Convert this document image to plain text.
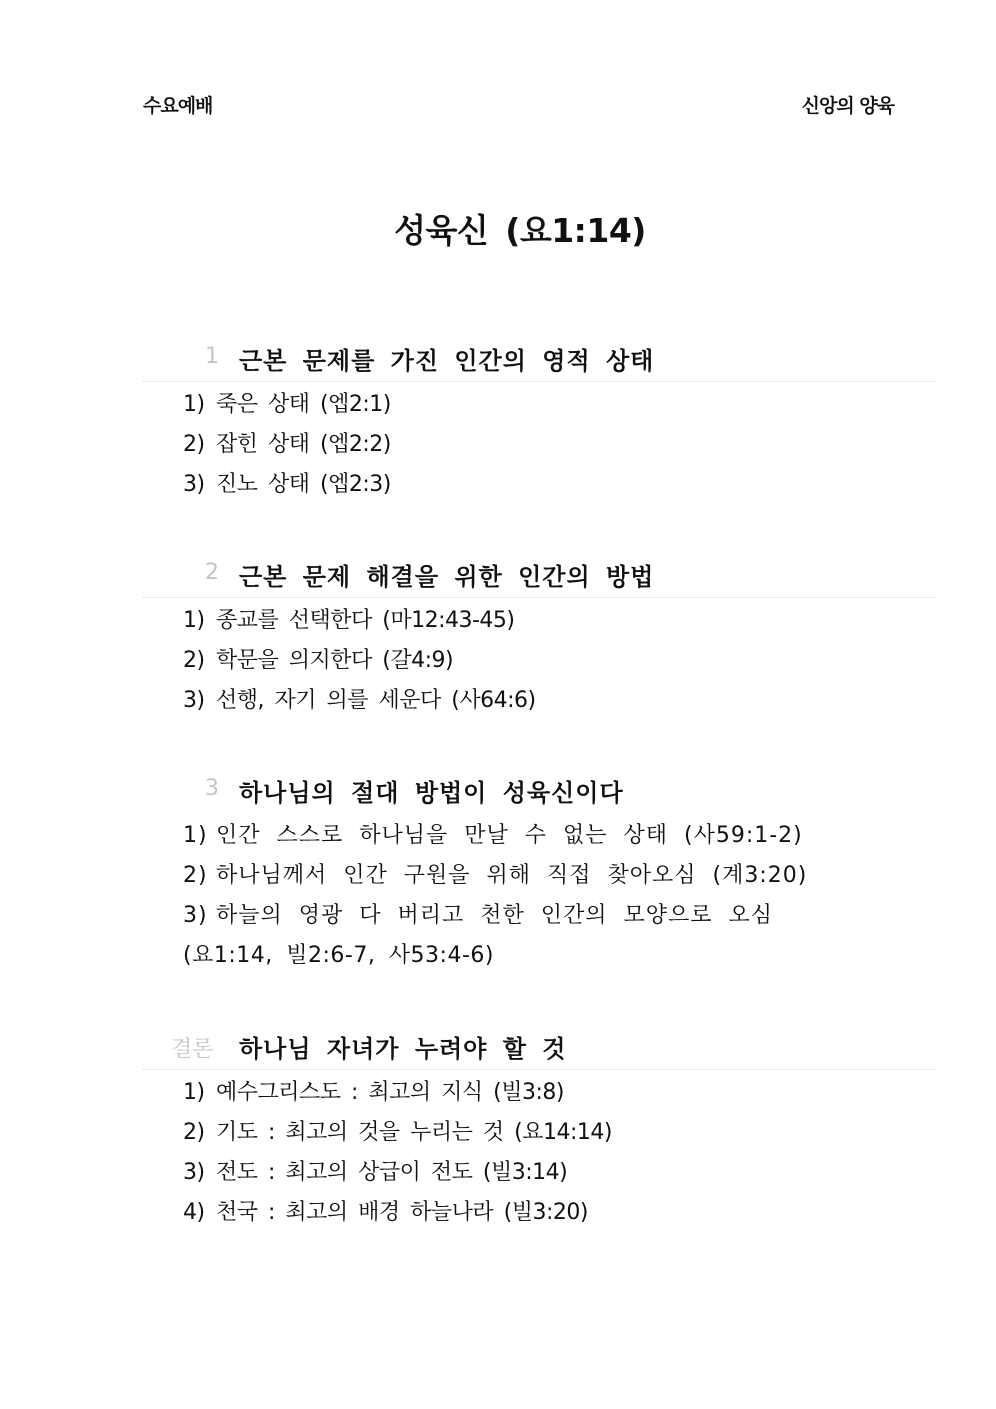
수요예배	신앙의 양육
성육신 (요1:14)
1 근본 문제를 가진 인간의 영적 상태
1) 죽은 상태 (엡2:1)
2) 잡힌 상태 (엡2:2)
3) 진노 상태 (엡2:3)
2 근본 문제 해결을 위한 인간의 방법
1) 종교를 선택한다 (마12:43-45)
2) 학문을 의지한다 (갈4:9)
3) 선행, 자기 의를 세운다 (사64:6)
3 하나님의 절대 방법이 성육신이다
1) 인간 스스로 하나님을 만날 수 없는 상태 (사59:1-2)
2) 하나님께서 인간 구원을 위해 직접 찾아오심 (계3:20)
3) 하늘의 영광 다 버리고 천한 인간의 모양으로 오심
(요1:14, 빌2:6-7, 사53:4-6)
결론 하나님 자녀가 누려야 할 것
1) 예수그리스도 : 최고의 지식 (빌3:8)
2) 기도 : 최고의 것을 누리는 것 (요14:14)
3) 전도 : 최고의 상급이 전도 (빌3:14)
4) 천국 : 최고의 배경 하늘나라 (빌3:20)
